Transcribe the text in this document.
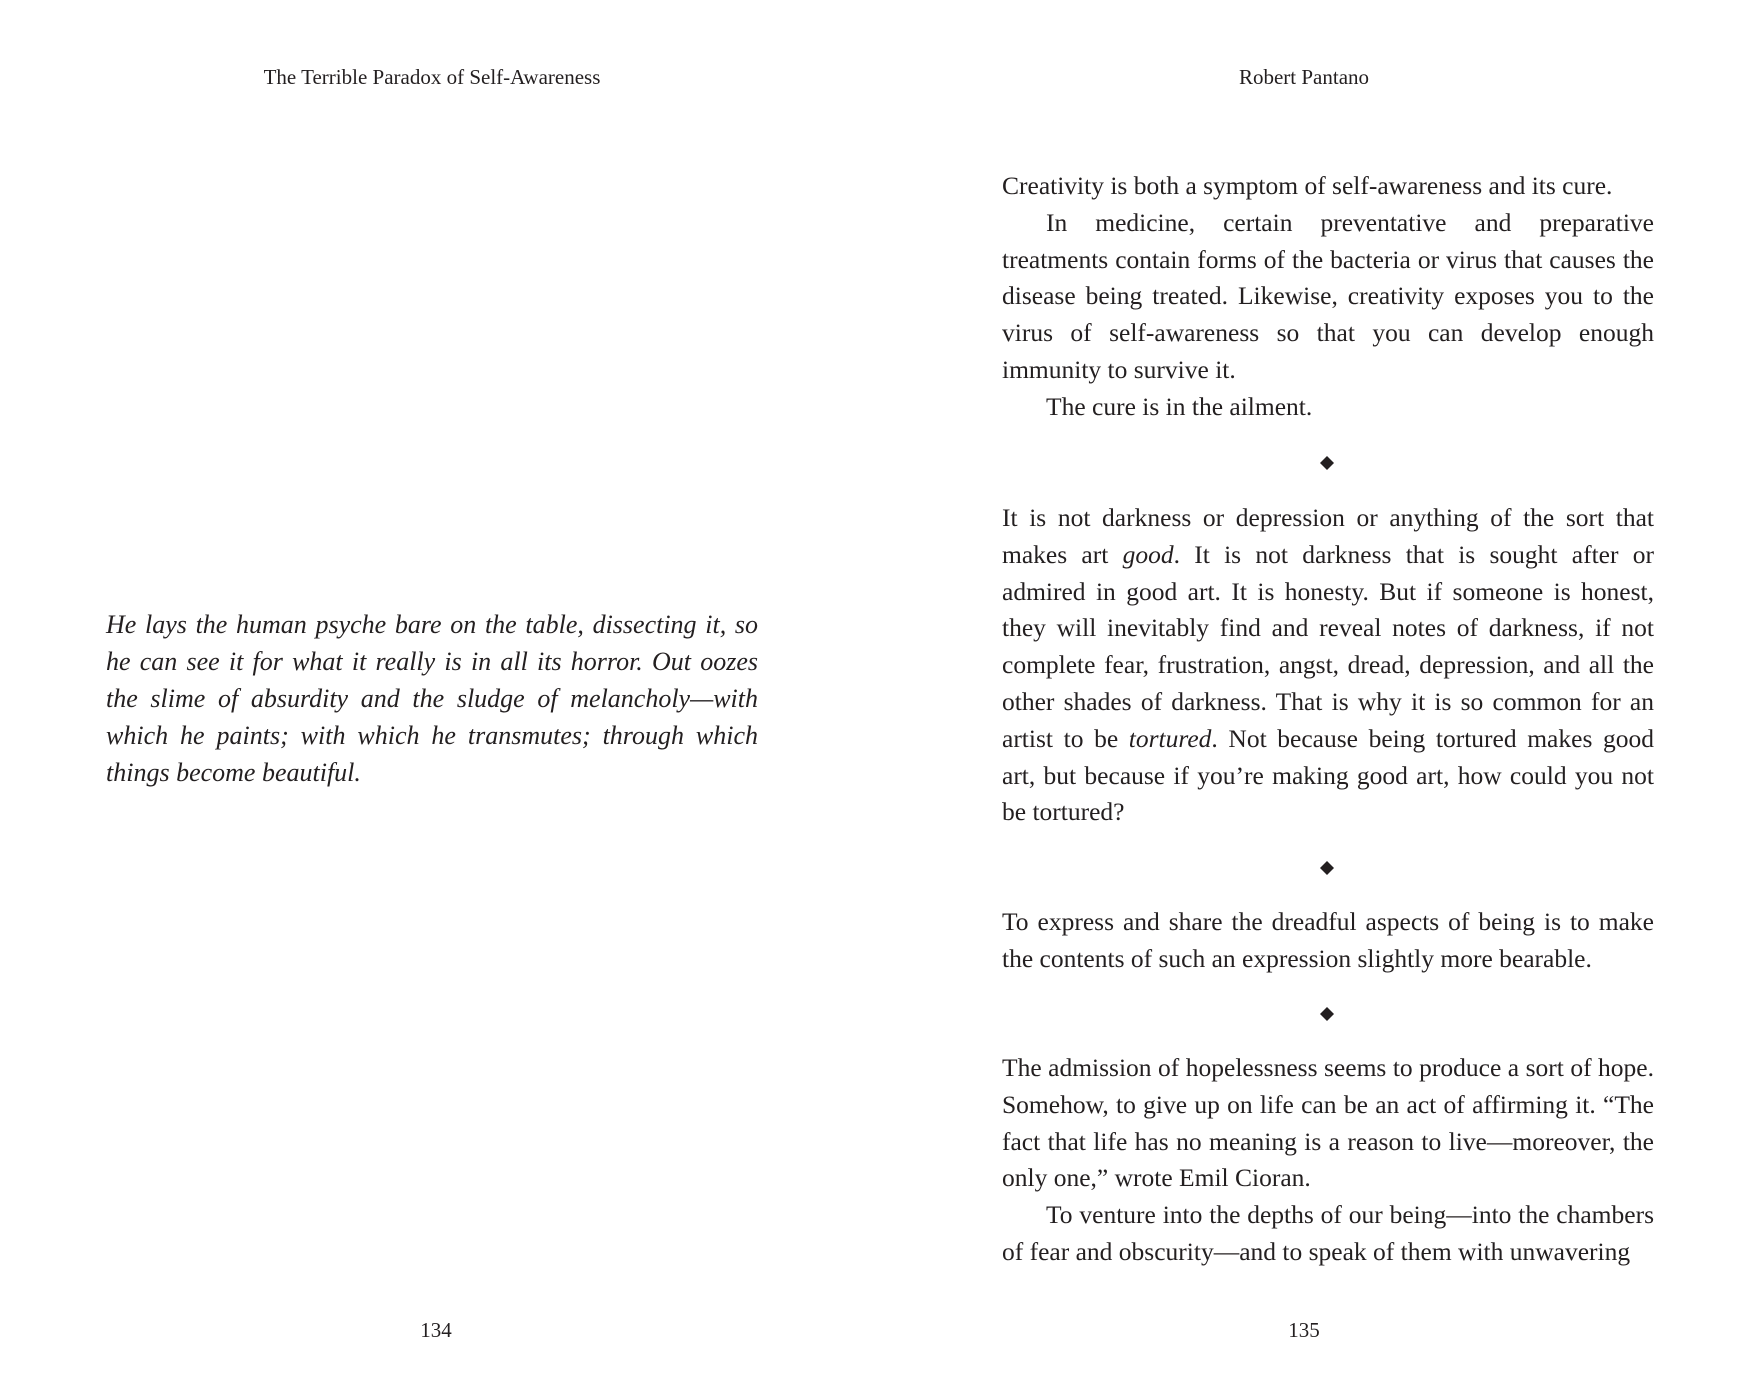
The Terrible Paradox of Self-Awareness

He lays the human psyche bare on the table, dissecting it, so he can see it for what it really is in all its horror. Out oozes the slime of absurdity and the sludge of melancholy—with which he paints; with which he transmutes; through which things become beautiful.

134
Robert Pantano
135

Creativity is both a symptom of self-awareness and its cure.

In medicine, certain preventative and preparative treatments contain forms of the bacteria or virus that causes the disease being treated. Likewise, creativity exposes you to the virus of self-awareness so that you can develop enough immunity to survive it.

The cure is in the ailment.

It is not darkness or depression or anything of the sort that makes art good. It is not darkness that is sought after or admired in good art. It is honesty. But if someone is honest, they will inevitably find and reveal notes of darkness, if not complete fear, frustration, angst, dread, depression, and all the other shades of darkness. That is why it is so common for an artist to be tortured. Not because being tortured makes good art, but because if you’re making good art, how could you not be tortured?

To express and share the dreadful aspects of being is to make the contents of such an expression slightly more bearable.

The admission of hopelessness seems to produce a sort of hope. Somehow, to give up on life can be an act of affirming it. “The fact that life has no meaning is a reason to live—moreover, the only one,” wrote Emil Cioran.

To venture into the depths of our being—into the chambers of fear and obscurity—and to speak of them with unwavering
